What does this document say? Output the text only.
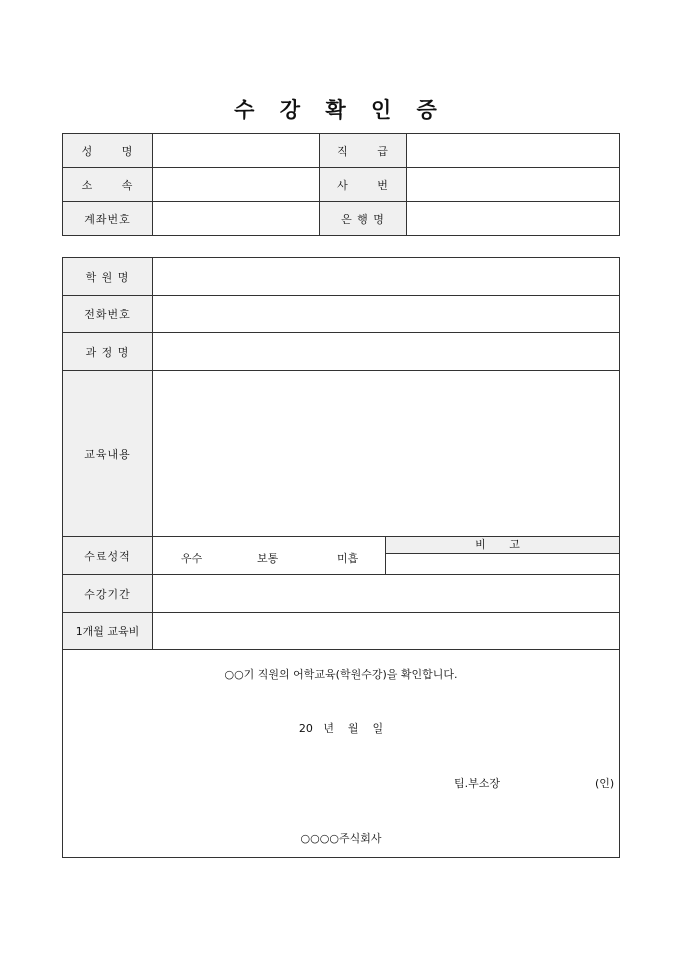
수 강 확 인 증
성 명		직 급	
소 속		사 번	
계좌번호		은 행 명	
학 원 명		
전화번호		
과 정 명		
교육내용		
수료성적	우수 보통 미흡	비 고

수강기간		
1개월 교육비		

○○기 직원의 어학교육(학원수강)을 확인합니다.
20   년    월    일
팀.부소장 (인)
○○○○주식회사		
